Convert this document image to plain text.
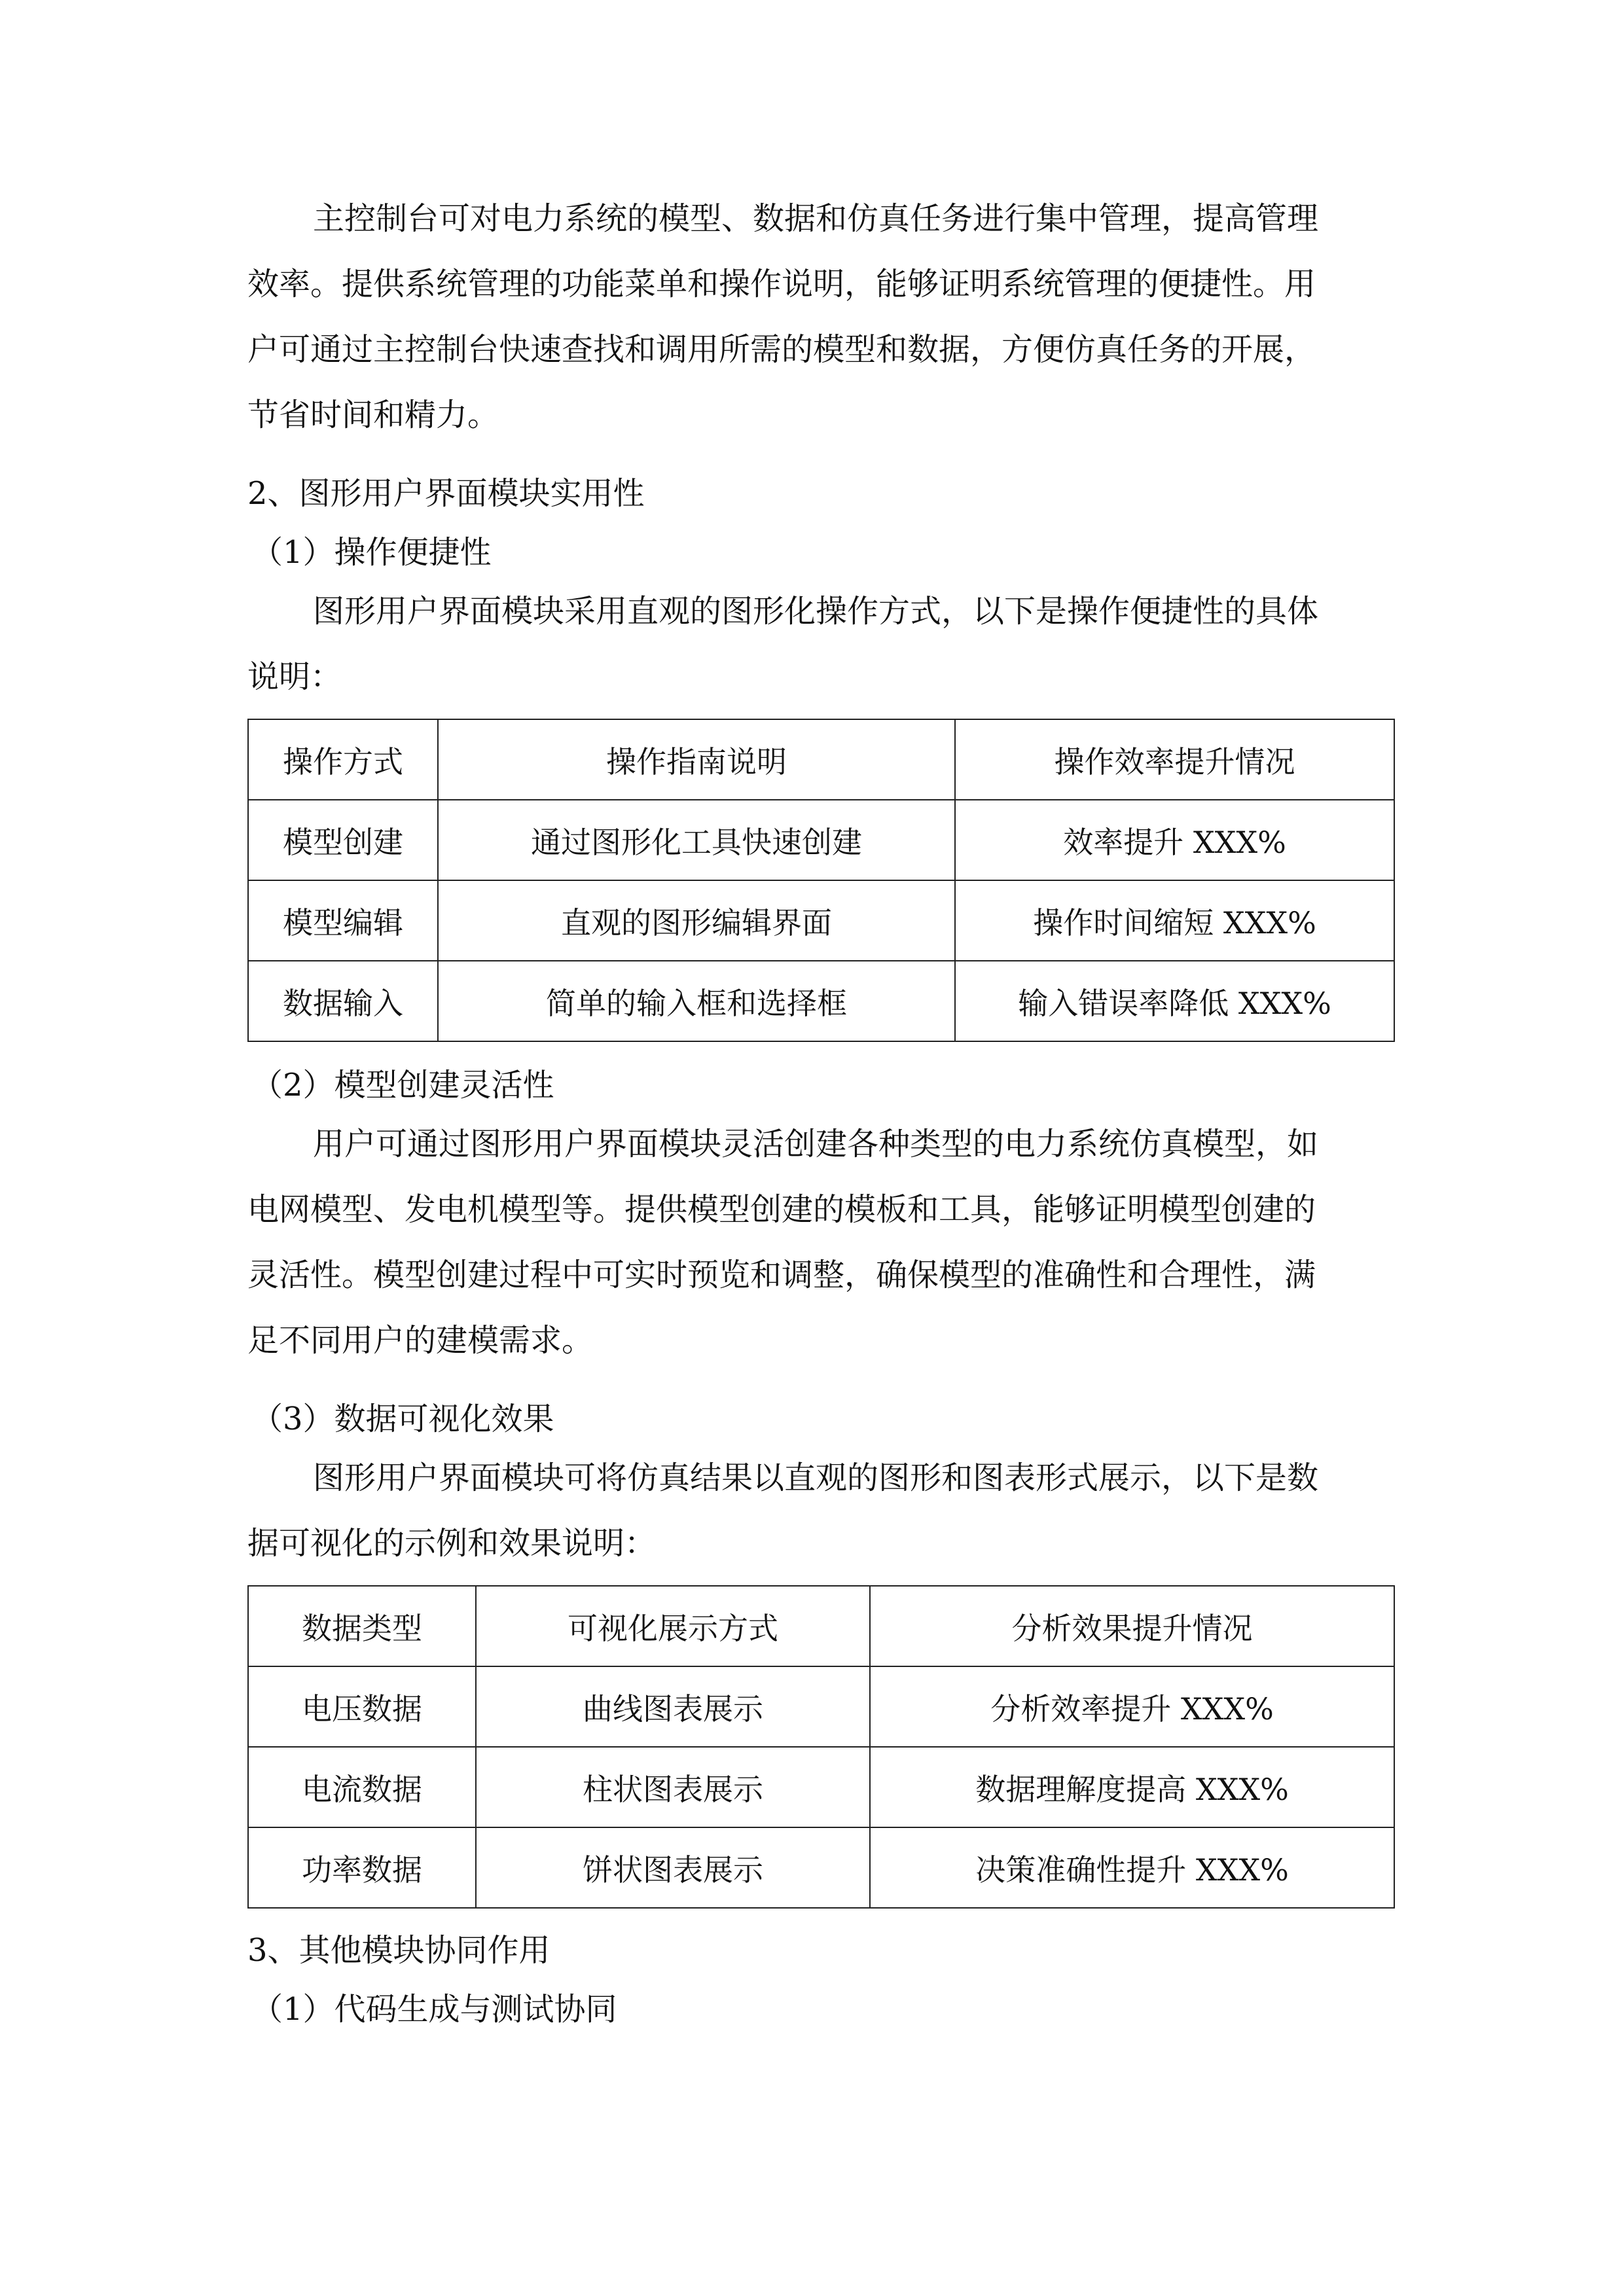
主控制台可对电力系统的模型、数据和仿真任务进行集中管理，提高管理
效率。提供系统管理的功能菜单和操作说明，能够证明系统管理的便捷性。用
户可通过主控制台快速查找和调用所需的模型和数据，方便仿真任务的开展，
节省时间和精力。
2、图形用户界面模块实用性
（1）操作便捷性
图形用户界面模块采用直观的图形化操作方式，以下是操作便捷性的具体
说明：
操作方式	操作指南说明	操作效率提升情况
模型创建	通过图形化工具快速创建	效率提升 XXX%
模型编辑	直观的图形编辑界面	操作时间缩短 XXX%
数据输入	简单的输入框和选择框	输入错误率降低 XXX%
（2）模型创建灵活性
用户可通过图形用户界面模块灵活创建各种类型的电力系统仿真模型，如
电网模型、发电机模型等。提供模型创建的模板和工具，能够证明模型创建的
灵活性。模型创建过程中可实时预览和调整，确保模型的准确性和合理性，满
足不同用户的建模需求。
（3）数据可视化效果
图形用户界面模块可将仿真结果以直观的图形和图表形式展示，以下是数
据可视化的示例和效果说明：
数据类型	可视化展示方式	分析效果提升情况
电压数据	曲线图表展示	分析效率提升 XXX%
电流数据	柱状图表展示	数据理解度提高 XXX%
功率数据	饼状图表展示	决策准确性提升 XXX%
3、其他模块协同作用
（1）代码生成与测试协同
